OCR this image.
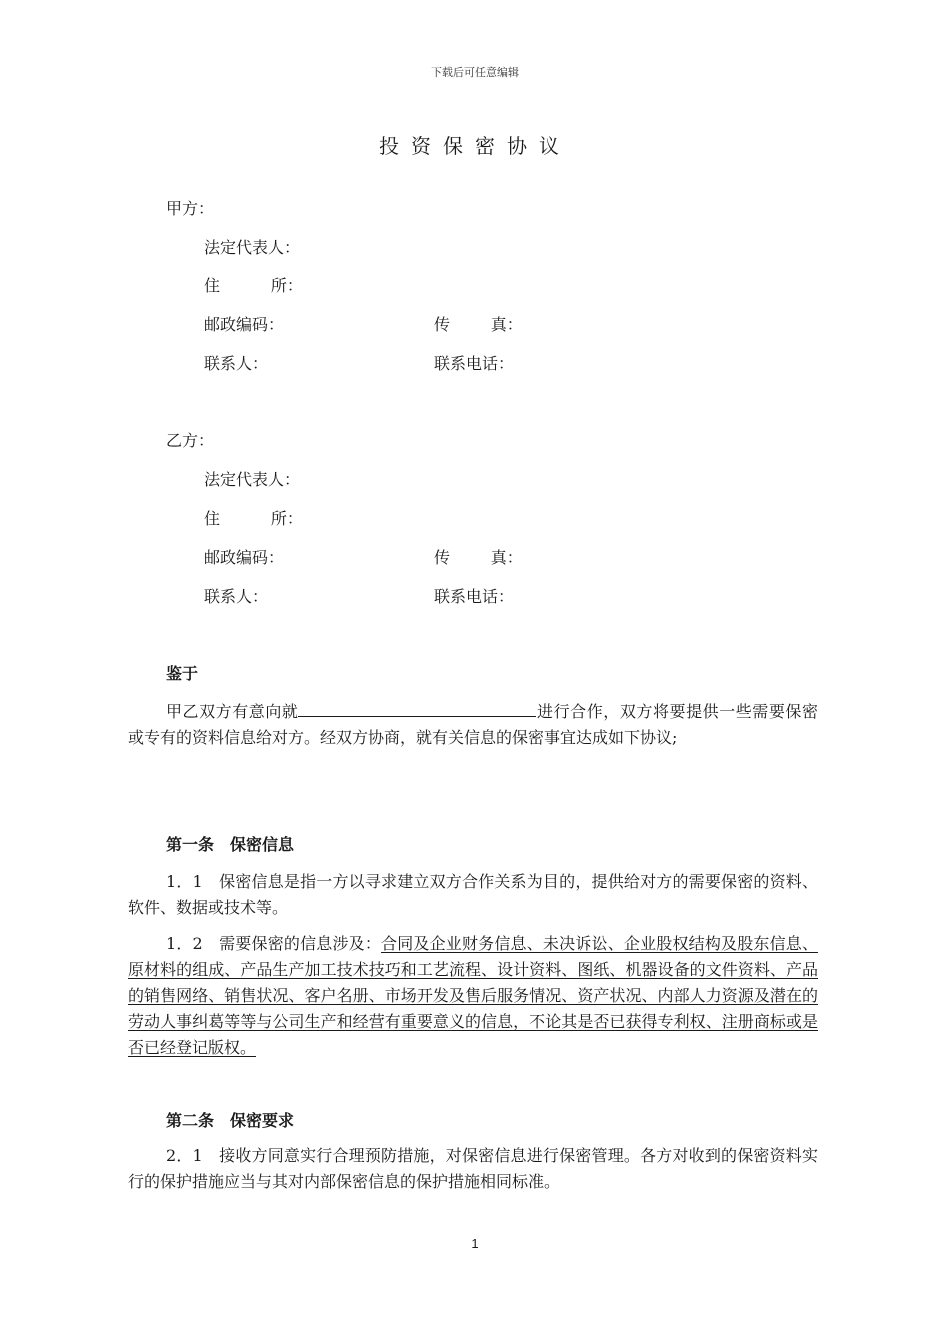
下载后可任意编辑
投资保密协议
甲方：
法定代表人：
住          所：
邮政编码：	传        真：
联系人：	联系电话：
乙方：
法定代表人：
住          所：
邮政编码：	传        真：
联系人：	联系电话：
鉴于
甲乙双方有意向就	进行合作，双方将要提供一些需要保密或专有的资料信息给对方。经双方协商，就有关信息的保密事宜达成如下协议;
第一条　保密信息
1．1　保密信息是指一方以寻求建立双方合作关系为目的，提供给对方的需要保密的资料、软件、数据或技术等。
1．2　需要保密的信息涉及：合同及企业财务信息、未决诉讼、企业股权结构及股东信息、原材料的组成、产品生产加工技术技巧和工艺流程、设计资料、图纸、机器设备的文件资料、产品的销售网络、销售状况、客户名册、市场开发及售后服务情况、资产状况、内部人力资源及潜在的劳动人事纠葛等等与公司生产和经营有重要意义的信息，不论其是否已获得专利权、注册商标或是否已经登记版权。
第二条　保密要求
2．1　接收方同意实行合理预防措施，对保密信息进行保密管理。各方对收到的保密资料实行的保护措施应当与其对内部保密信息的保护措施相同标准。
1
